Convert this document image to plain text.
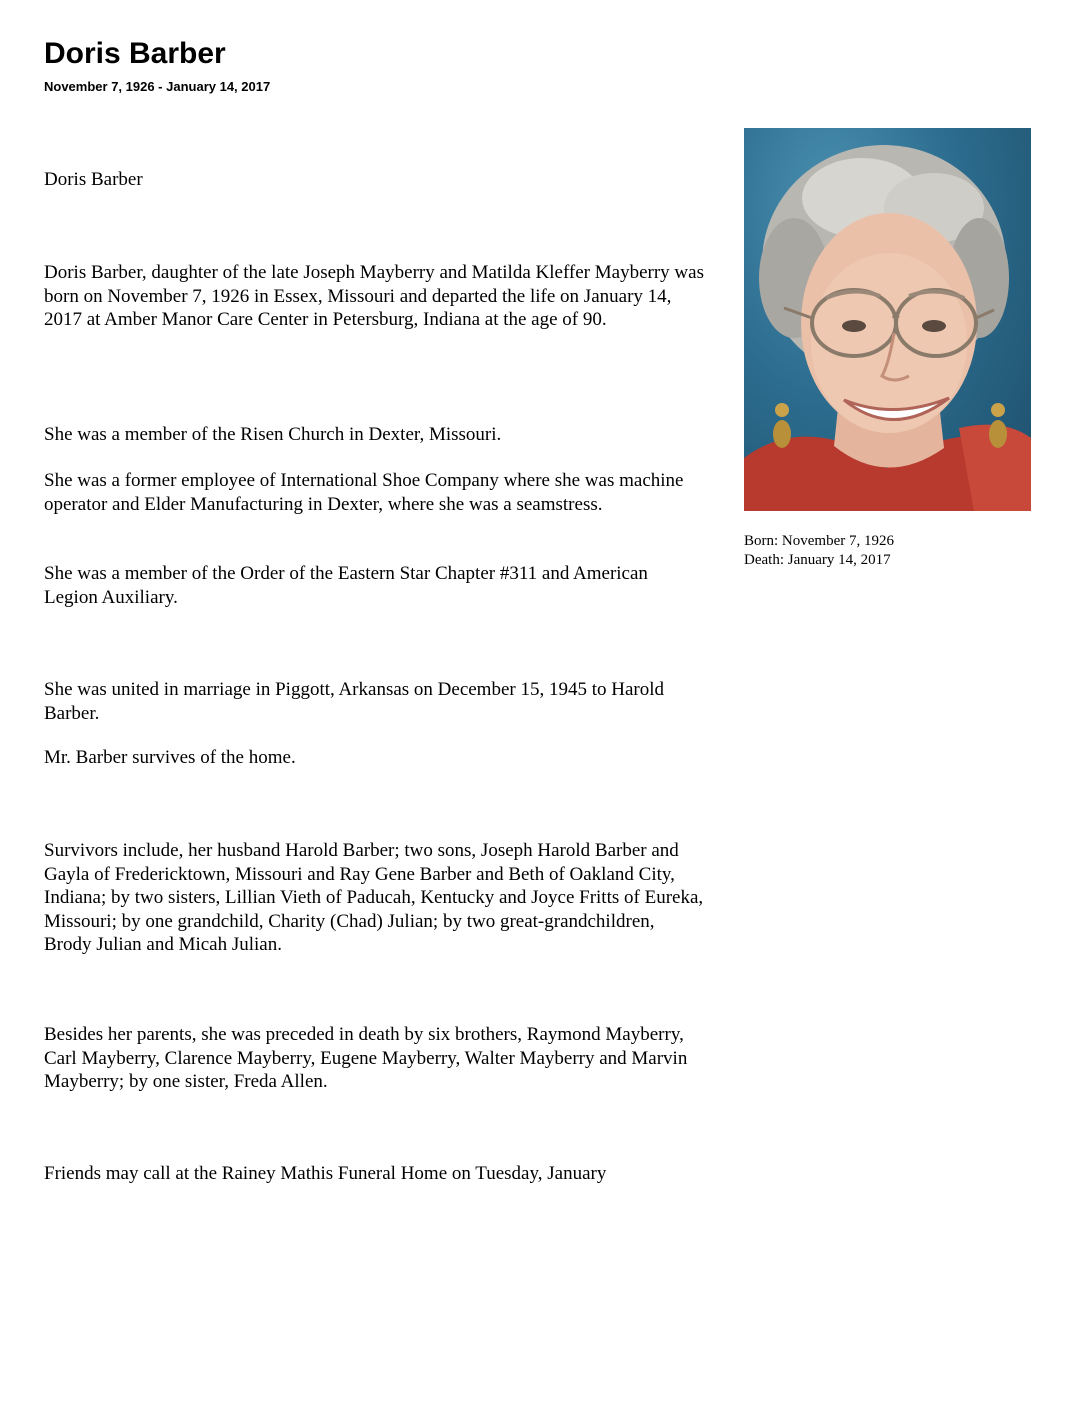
Doris Barber

November 7, 1926 - January 14, 2017

Doris Barber

Doris Barber, daughter of the late Joseph Mayberry and Matilda Kleffer Mayberry was born on November 7, 1926 in Essex, Missouri and departed the life on January 14, 2017 at Amber Manor Care Center in Petersburg, Indiana at the age of 90.

She was a member of the Risen Church in Dexter, Missouri.

She was a former employee of International Shoe Company where she was machine operator and Elder Manufacturing in Dexter, where she was a seamstress.

She was a member of the Order of the Eastern Star Chapter #311 and American Legion Auxiliary.

She was united in marriage in Piggott, Arkansas on December 15, 1945 to Harold Barber.

Mr. Barber survives of the home.

Survivors include, her husband Harold Barber; two sons, Joseph Harold Barber and Gayla of Fredericktown, Missouri and Ray Gene Barber and Beth of Oakland City, Indiana; by two sisters, Lillian Vieth of Paducah, Kentucky and Joyce Fritts of Eureka, Missouri; by one grandchild, Charity (Chad) Julian; by two great-grandchildren, Brody Julian and Micah Julian.

Besides her parents, she was preceded in death by six brothers, Raymond Mayberry, Carl Mayberry, Clarence Mayberry, Eugene Mayberry, Walter Mayberry and Marvin Mayberry; by one sister, Freda Allen.

Friends may call at the Rainey Mathis Funeral Home on Tuesday, January

Born: November 7, 1926
Death: January 14, 2017
